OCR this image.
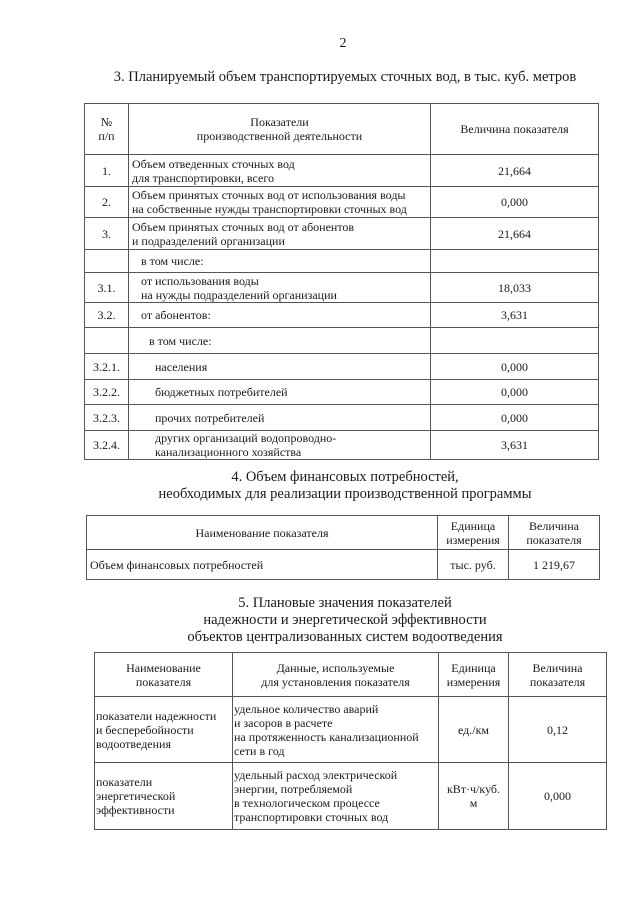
2
3. Планируемый объем транспортируемых сточных вод, в тыс. куб. метров
№
п/п	Показатели
производственной деятельности	Величина показателя
1.	Объем отведенных сточных вод
для транспортировки, всего	21,664
2.	Объем принятых сточных вод от использования воды
на собственные нужды транспортировки сточных вод	0,000
3.	Объем принятых сточных вод от абонентов
и подразделений организации	21,664

	в том числе:	

3.1.	от использования воды
на нужды подразделений организации	18,033
3.2.	от абонентов:	3,631

	в том числе:	

3.2.1.	населения	0,000
3.2.2.	бюджетных потребителей	0,000
3.2.3.	прочих потребителей	0,000
3.2.4.	других организаций водопроводно-
канализационного хозяйства	3,631
4. Объем финансовых потребностей,
необходимых для реализации производственной программы
Наименование показателя	Единица
измерения	Величина
показателя

Объем финансовых потребностей	тыс. руб.	1 219,67
5. Плановые значения показателей
надежности и энергетической эффективности
объектов централизованных систем водоотведения
Наименование
показателя	Данные, используемые
для установления показателя	Единица
измерения	Величина
показателя

показатели надежности
и бесперебойности
водоотведения	удельное количество аварий
и засоров в расчете
на протяженность канализационной
сети в год	ед./км	0,12

показатели
энергетической
эффективности	удельный расход электрической
энергии, потребляемой
в технологическом процессе
транспортировки сточных вод	кВт·ч/куб. м	0,000
